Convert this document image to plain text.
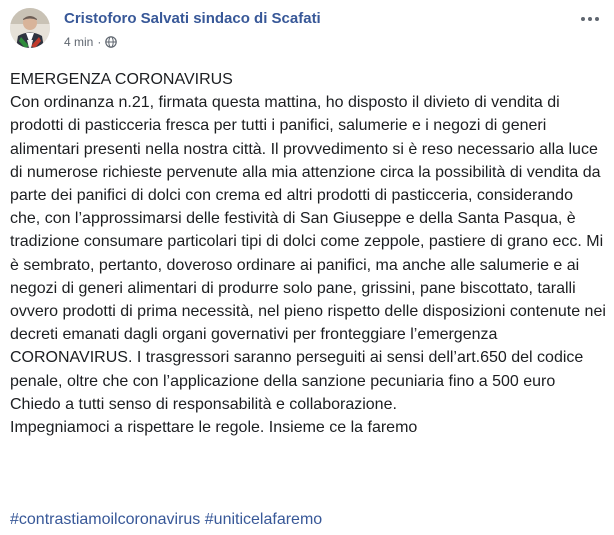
Cristoforo Salvati sindaco di Scafati
4 min ·

EMERGENZA CORONAVIRUS

Con ordinanza n.21, firmata questa mattina, ho disposto il divieto di vendita di prodotti di pasticceria fresca per tutti i panifici, salumerie e i negozi di generi alimentari presenti nella nostra città. Il provvedimento si è reso necessario alla luce di numerose richieste pervenute alla mia attenzione circa la possibilità di vendita da parte dei panifici di dolci con crema ed altri prodotti di pasticceria, considerando che, con l’approssimarsi delle festività di San Giuseppe e della Santa Pasqua, è tradizione consumare particolari tipi di dolci come zeppole, pastiere di grano ecc. Mi è sembrato, pertanto, doveroso ordinare ai panifici, ma anche alle salumerie e ai negozi di generi alimentari di produrre solo pane, grissini, pane biscottato, taralli ovvero prodotti di prima necessità, nel pieno rispetto delle disposizioni contenute nei decreti emanati dagli organi governativi per fronteggiare l’emergenza CORONAVIRUS. I trasgressori saranno perseguiti ai sensi dell’art.650 del codice penale, oltre che con l’applicazione della sanzione pecuniaria fino a 500 euro

Chiedo a tutti senso di responsabilità e collaborazione.

Impegniamoci a rispettare le regole. Insieme ce la faremo

#contrastiamoilcoronavirus #uniticelafaremo
